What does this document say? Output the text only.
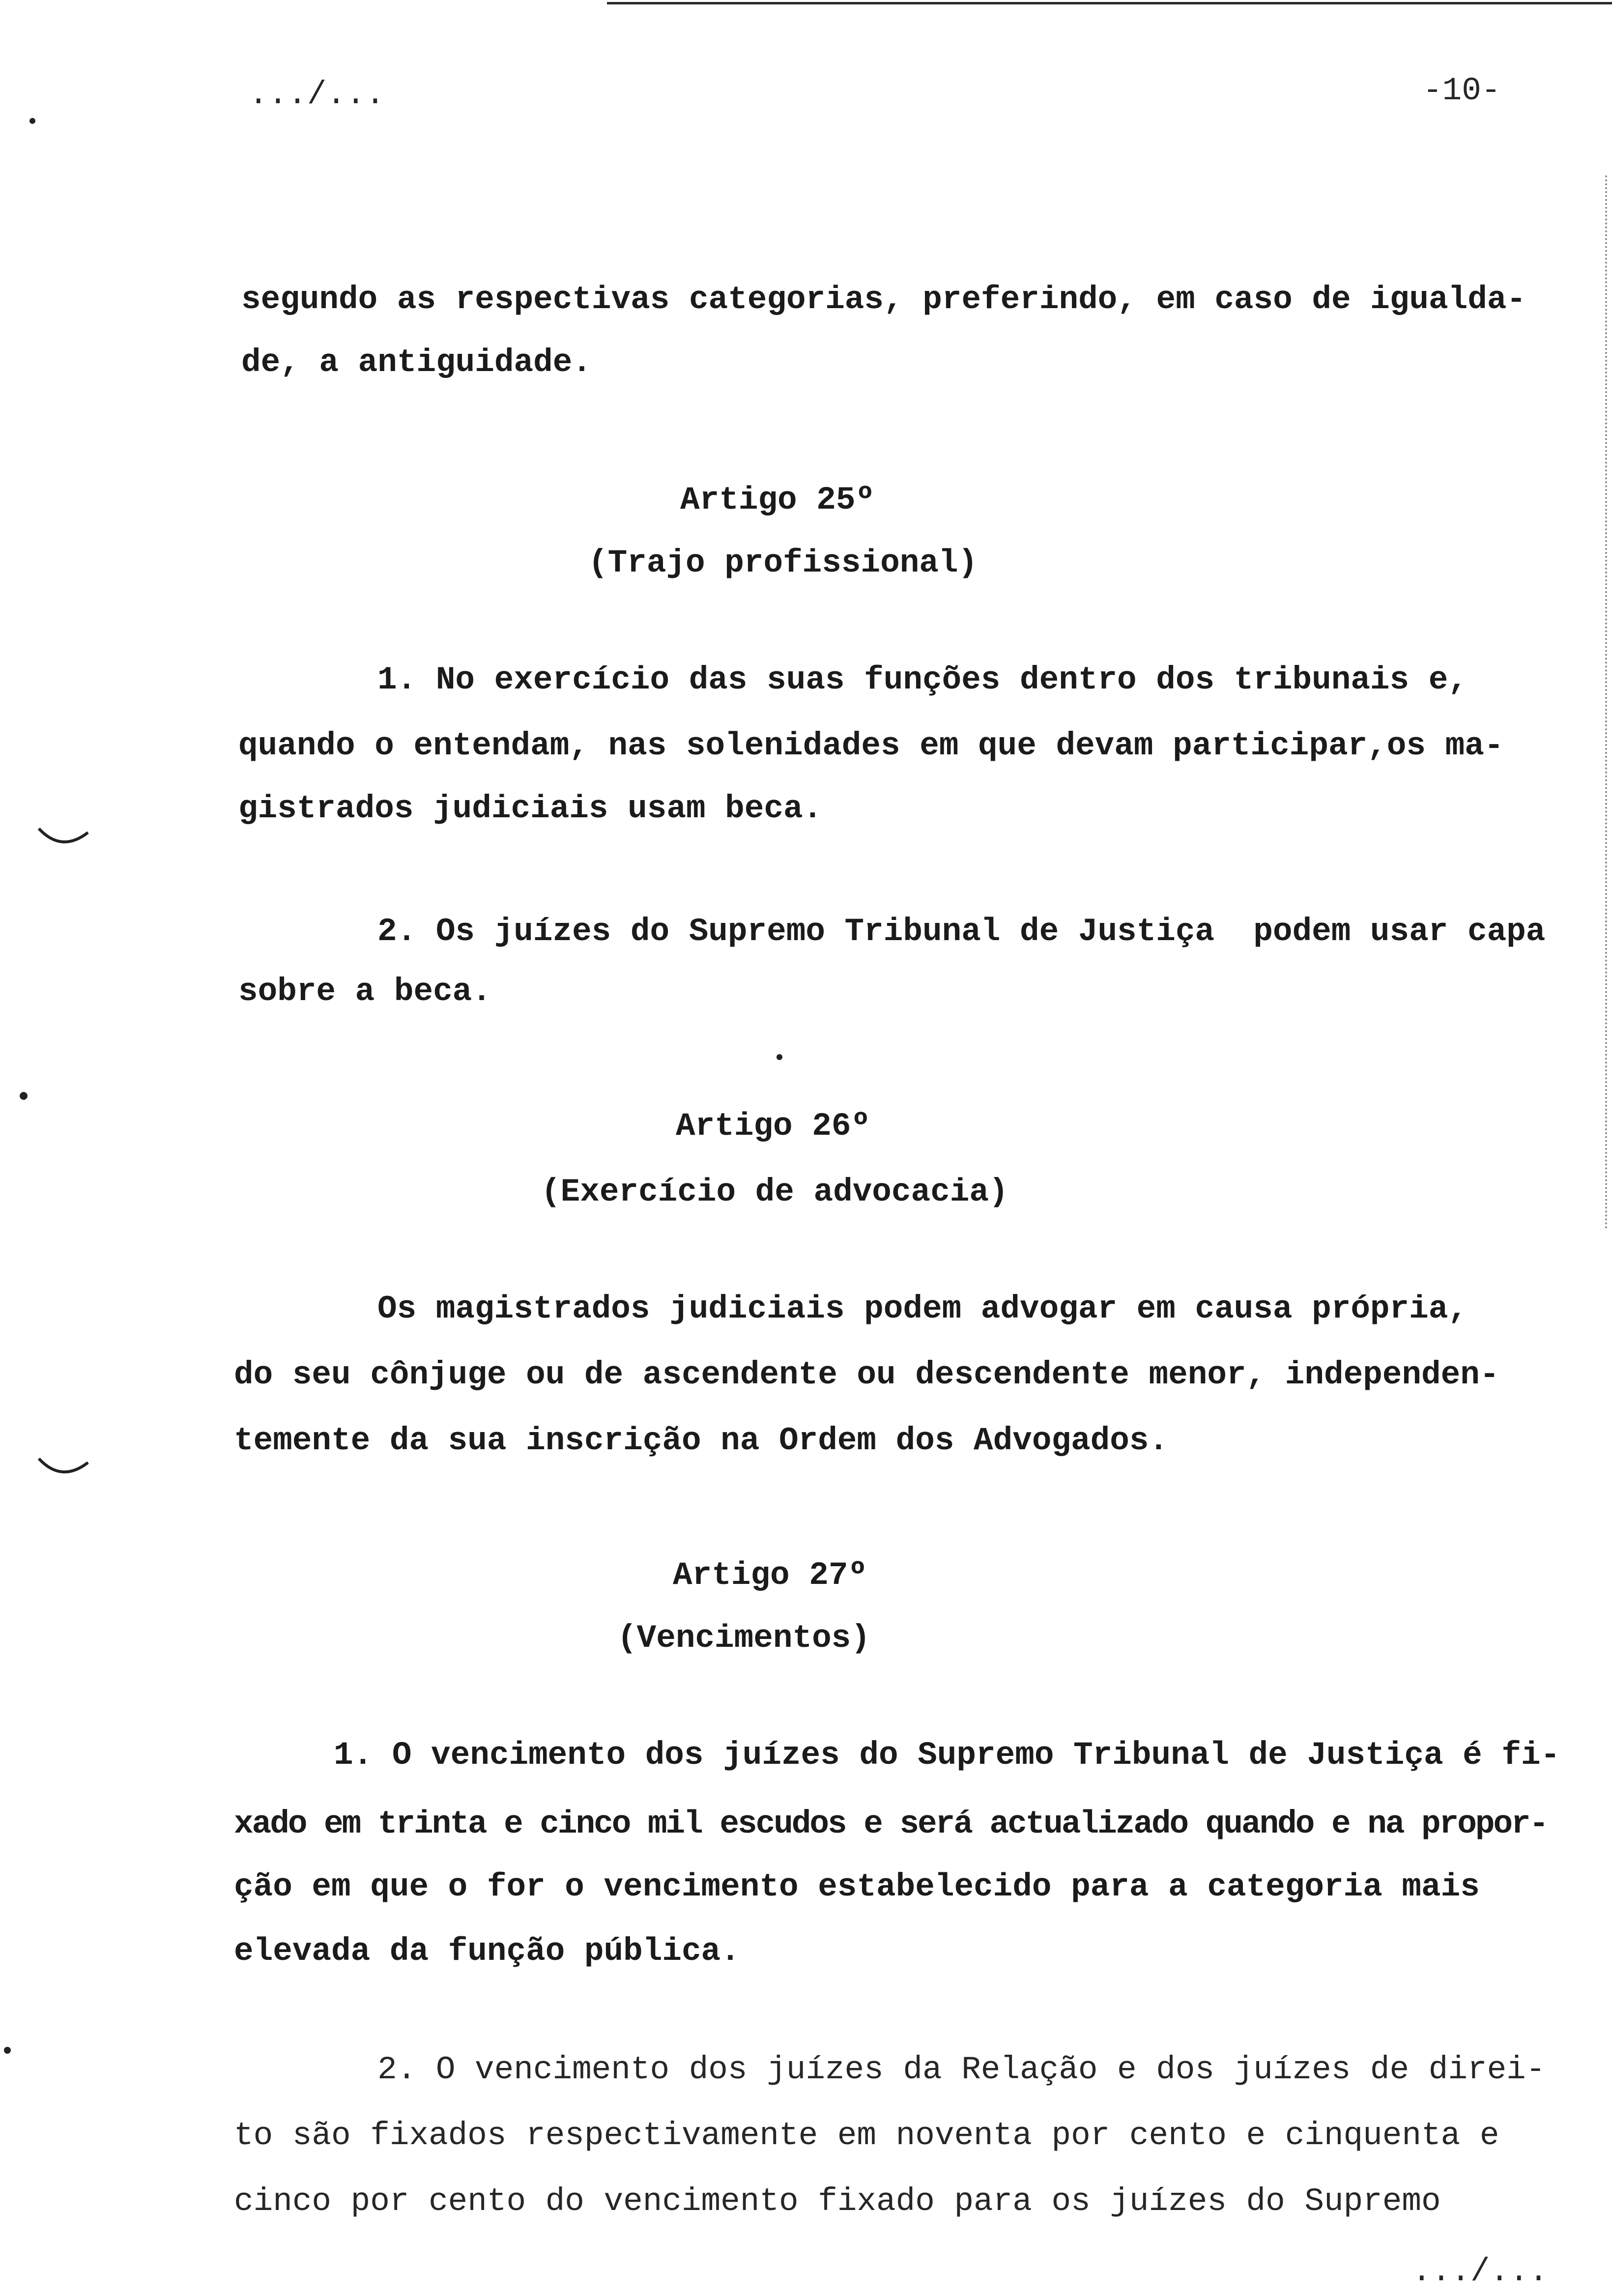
.../...	-10-
segundo as respectivas categorias, preferindo, em caso de igualda-
de, a antiguidade.
Artigo 25º
(Trajo profissional)
1. No exercício das suas funções dentro dos tribunais e,
quando o entendam, nas solenidades em que devam participar,os ma-
gistrados judiciais usam beca.
2. Os juízes do Supremo Tribunal de Justiça  podem usar capa
sobre a beca.
Artigo 26º
(Exercício de advocacia)
Os magistrados judiciais podem advogar em causa própria,
do seu cônjuge ou de ascendente ou descendente menor, independen-
temente da sua inscrição na Ordem dos Advogados.
Artigo 27º
(Vencimentos)
1. O vencimento dos juízes do Supremo Tribunal de Justiça é fi-
xado em trinta e cinco mil escudos e será actualizado quando e na propor-
ção em que o for o vencimento estabelecido para a categoria mais
elevada da função pública.
2. O vencimento dos juízes da Relação e dos juízes de direi-
to são fixados respectivamente em noventa por cento e cinquenta e
cinco por cento do vencimento fixado para os juízes do Supremo
.../...
